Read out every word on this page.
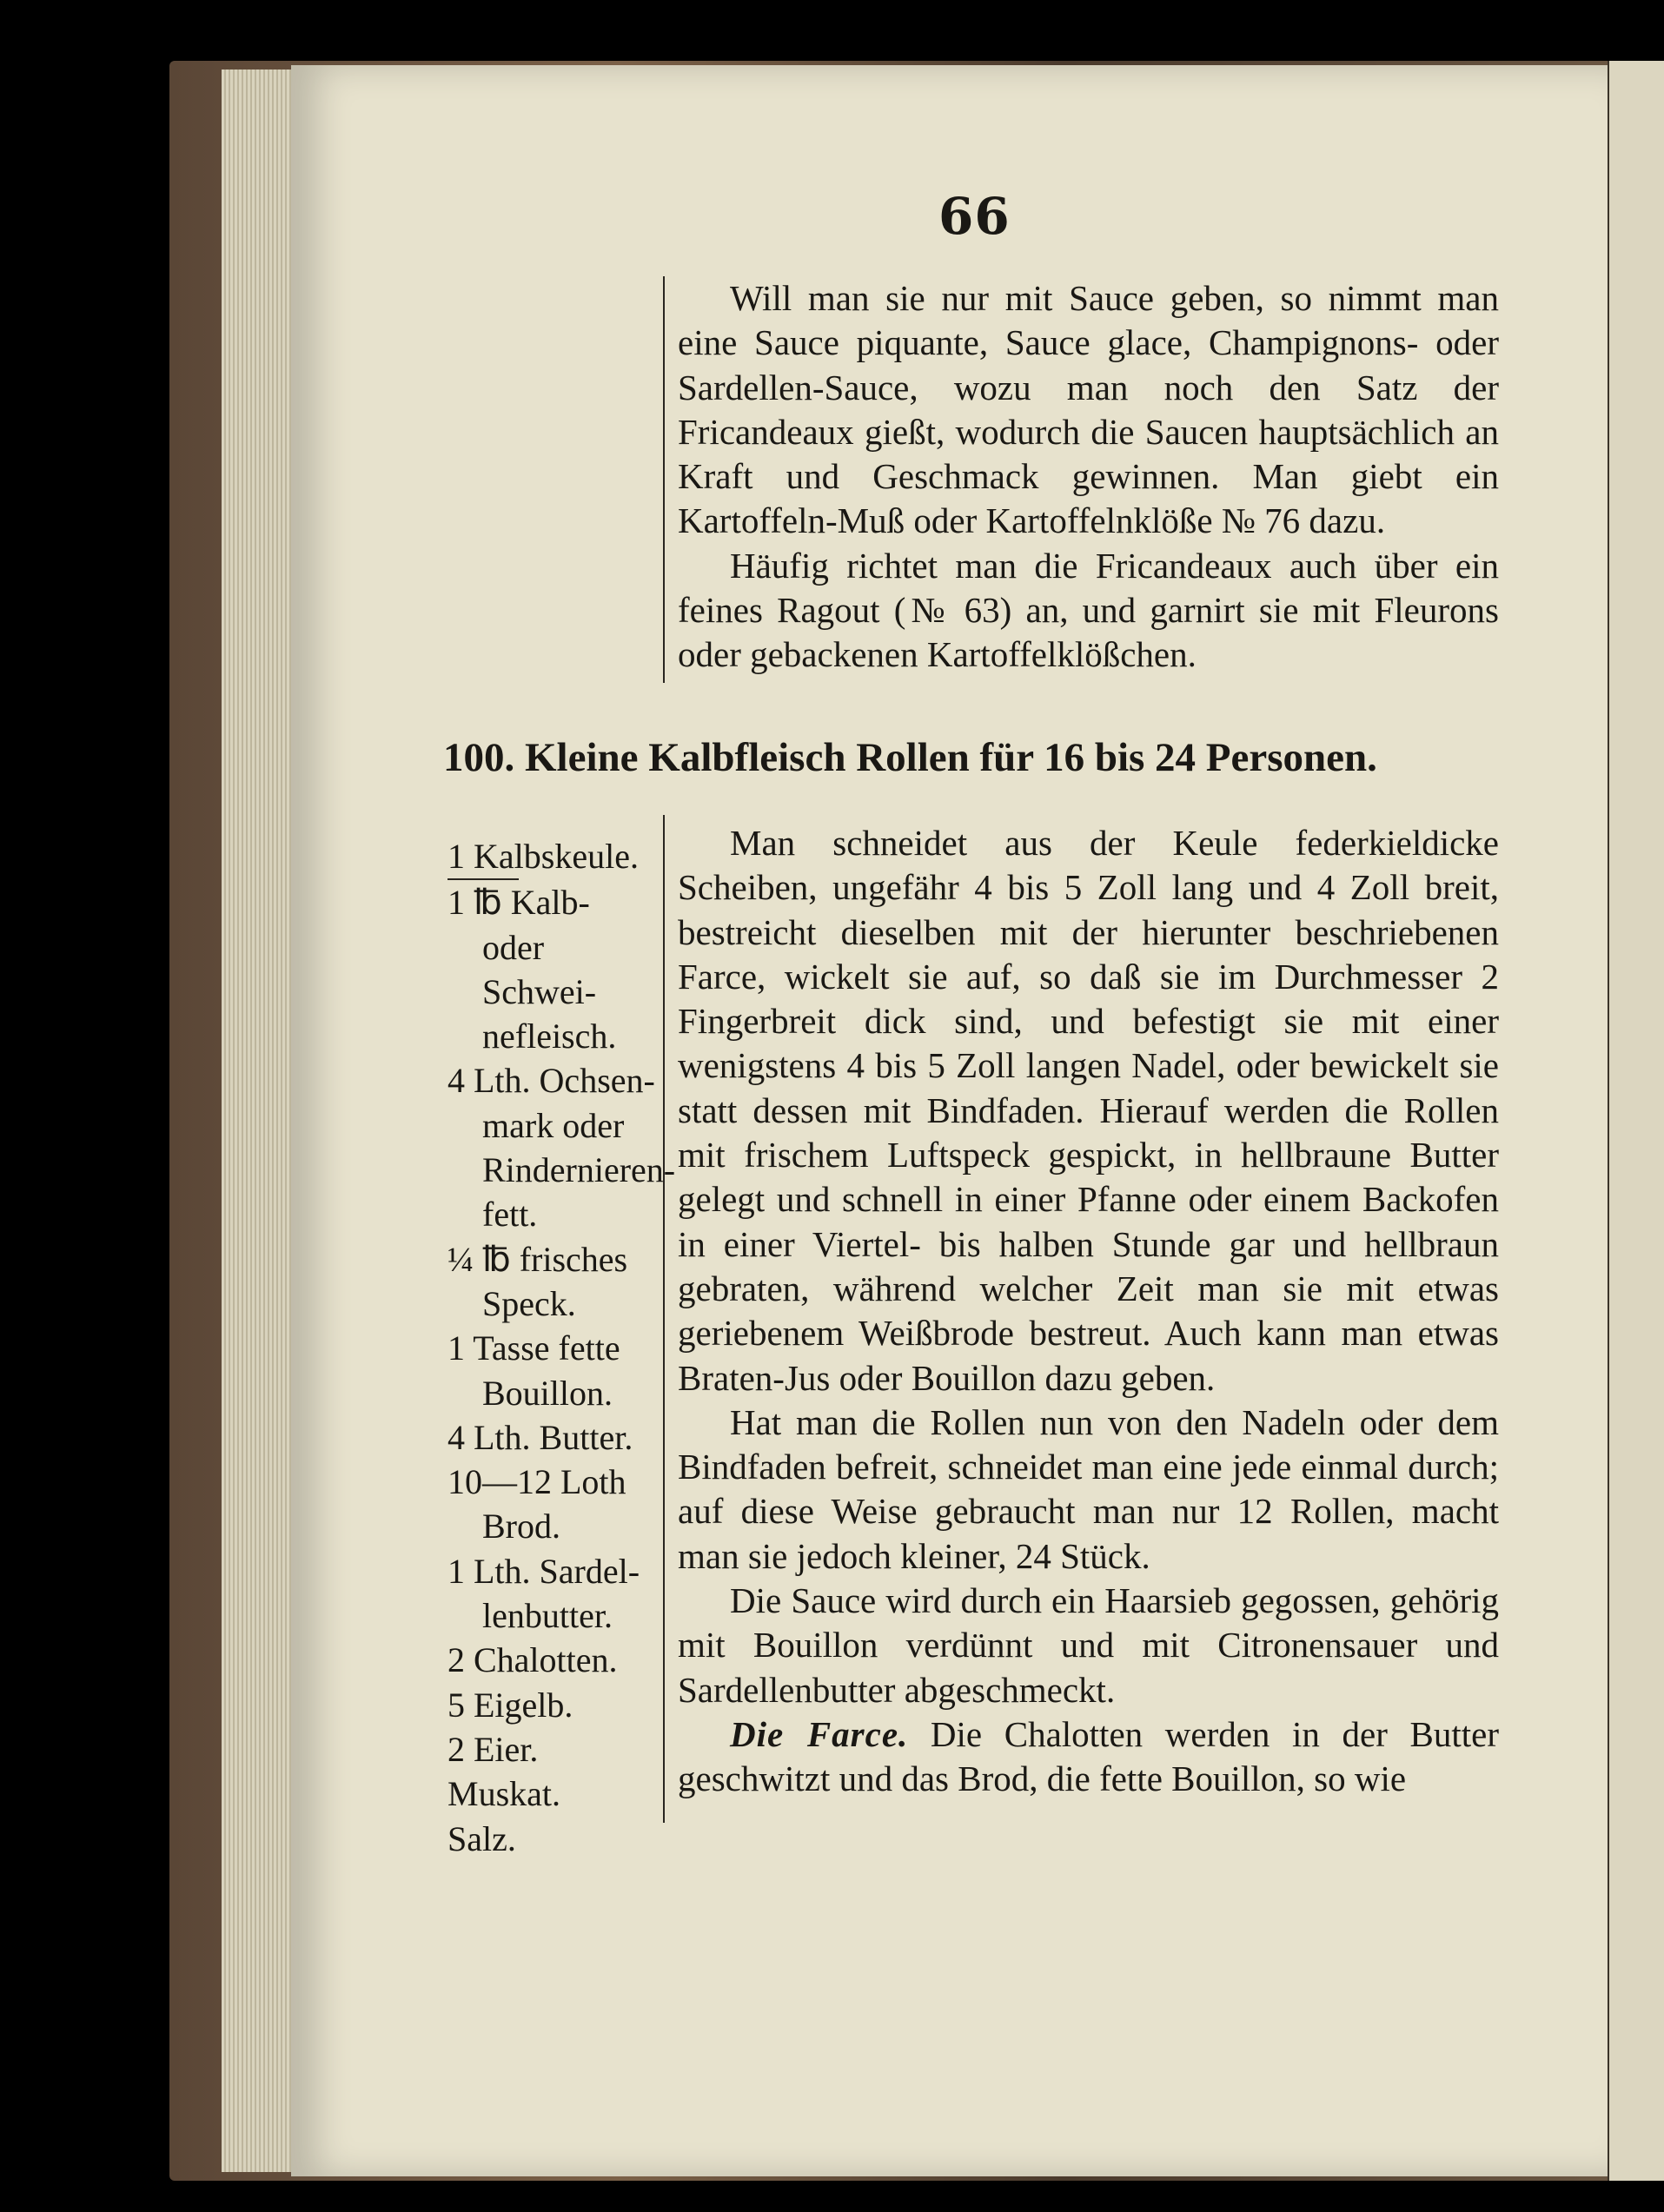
66

Will man sie nur mit Sauce geben, so nimmt man eine Sauce piquante, Sauce glace, Champignons- oder Sardellen-Sauce, wozu man noch den Satz der Fricandeaux gießt, wodurch die Saucen hauptsächlich an Kraft und Geschmack gewinnen. Man giebt ein Kartoffeln-Muß oder Kartoffelnklöße № 76 dazu.

Häufig richtet man die Fricandeaux auch über ein feines Ragout (№ 63) an, und garnirt sie mit Fleurons oder gebackenen Kartoffelklößchen.

100. Kleine Kalbfleisch Rollen für 16 bis 24 Personen.
1 Kalbskeule.
1 ℔ Kalb-
oder Schwei-
nefleisch.
4 Lth. Ochsen-
mark oder
Rindernieren-
fett.
¼ ℔ frisches
Speck.
1 Tasse fette
Bouillon.
4 Lth. Butter.
10—12 Loth
Brod.
1 Lth. Sardel-
lenbutter.
2 Chalotten.
5 Eigelb.
2 Eier.
Muskat.
Salz.

Man schneidet aus der Keule federkieldicke Scheiben, ungefähr 4 bis 5 Zoll lang und 4 Zoll breit, bestreicht dieselben mit der hierunter beschriebenen Farce, wickelt sie auf, so daß sie im Durchmesser 2 Fingerbreit dick sind, und befestigt sie mit einer wenigstens 4 bis 5 Zoll langen Nadel, oder bewickelt sie statt dessen mit Bindfaden. Hierauf werden die Rollen mit frischem Luftspeck gespickt, in hellbraune Butter gelegt und schnell in einer Pfanne oder einem Backofen in einer Viertel- bis halben Stunde gar und hellbraun gebraten, während welcher Zeit man sie mit etwas geriebenem Weißbrode bestreut. Auch kann man etwas Braten-Jus oder Bouillon dazu geben.

Hat man die Rollen nun von den Nadeln oder dem Bindfaden befreit, schneidet man eine jede einmal durch; auf diese Weise gebraucht man nur 12 Rollen, macht man sie jedoch kleiner, 24 Stück.

Die Sauce wird durch ein Haarsieb gegossen, gehörig mit Bouillon verdünnt und mit Citronensauer und Sardellenbutter abgeschmeckt.

Die Farce. Die Chalotten werden in der Butter geschwitzt und das Brod, die fette Bouillon, so wie
